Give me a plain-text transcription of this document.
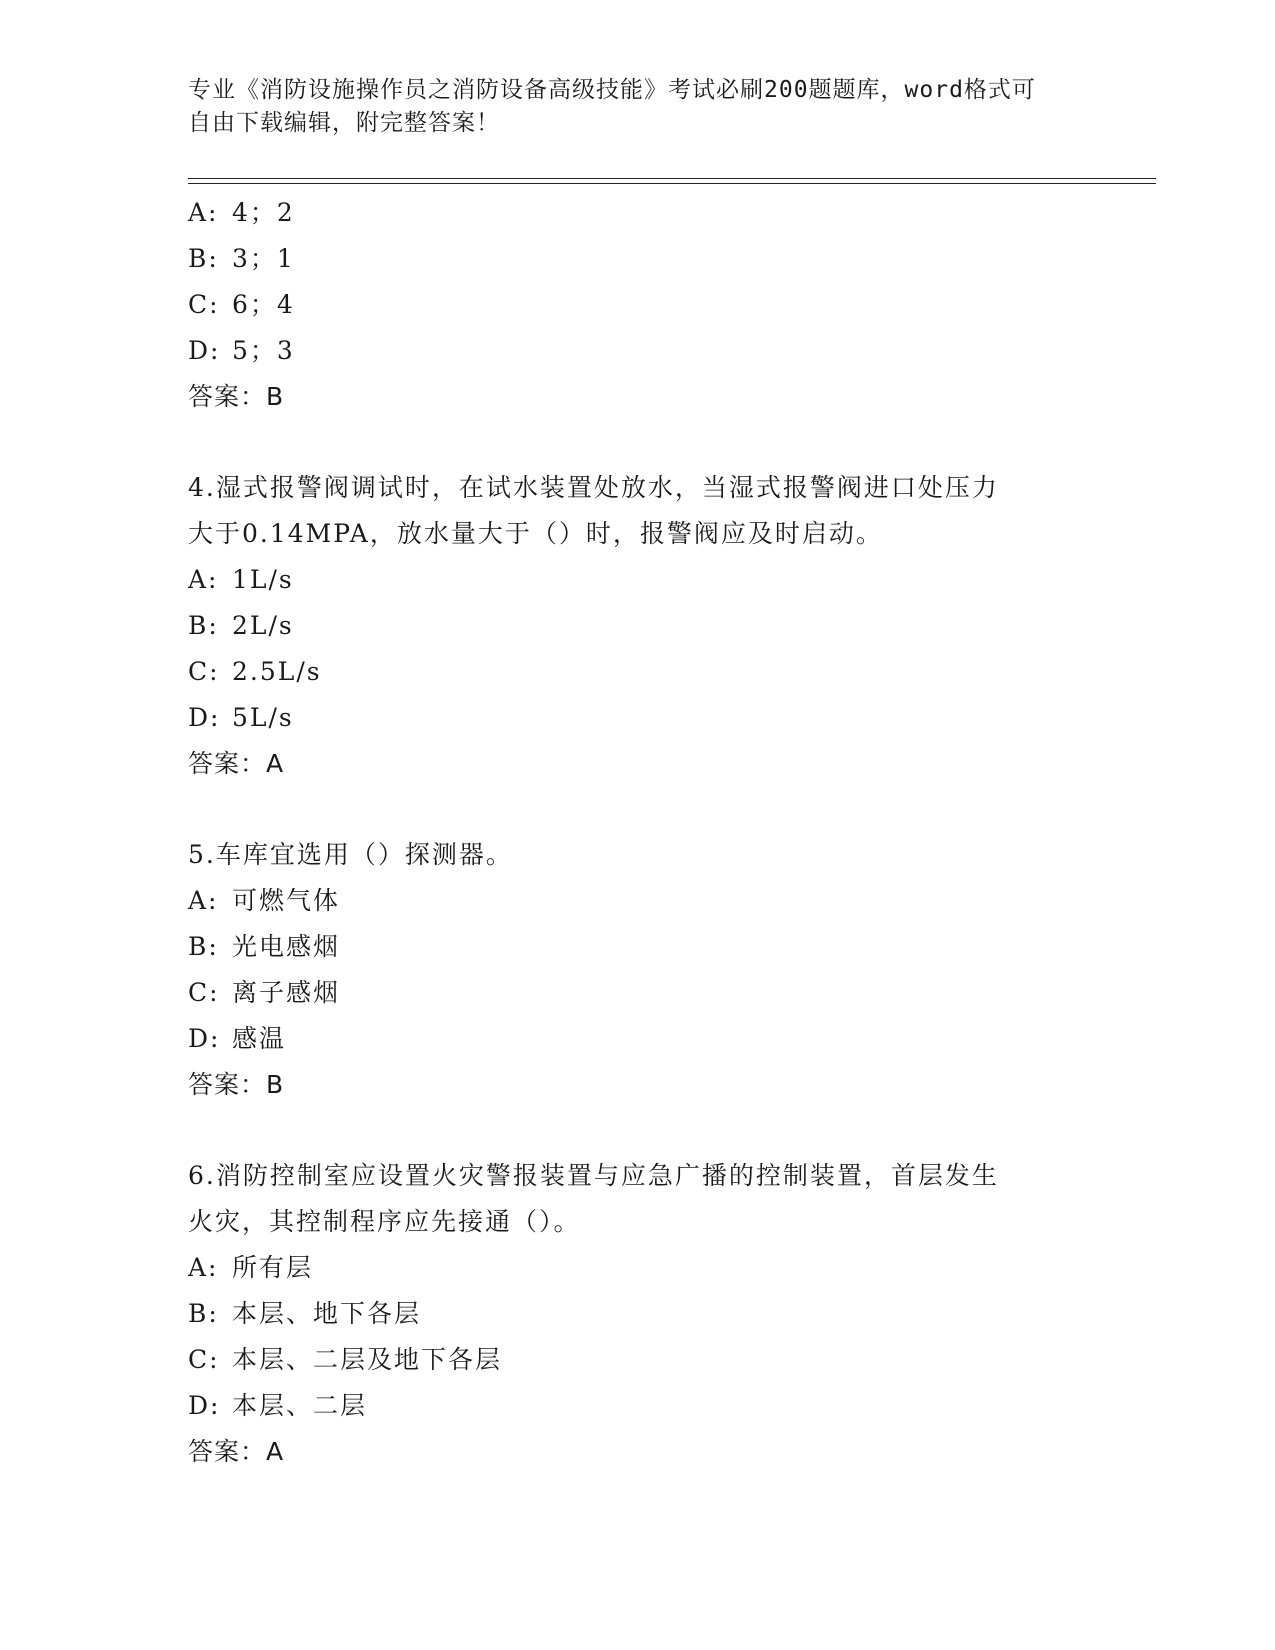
专业《消防设施操作员之消防设备高级技能》考试必刷200题题库，word格式可
自由下载编辑，附完整答案！
A: 4；2
B: 3；1
C: 6；4
D: 5；3
答案：B
4.湿式报警阀调试时，在试水装置处放水，当湿式报警阀进口处压力
大于0.14MPA，放水量大于（）时，报警阀应及时启动。
A: 1L/s
B: 2L/s
C: 2.5L/s
D: 5L/s
答案：A
5.车库宜选用（）探测器。
A: 可燃气体
B: 光电感烟
C: 离子感烟
D: 感温
答案：B
6.消防控制室应设置火灾警报装置与应急广播的控制装置，首层发生
火灾，其控制程序应先接通（）。
A: 所有层
B: 本层、地下各层
C: 本层、二层及地下各层
D: 本层、二层
答案：A
